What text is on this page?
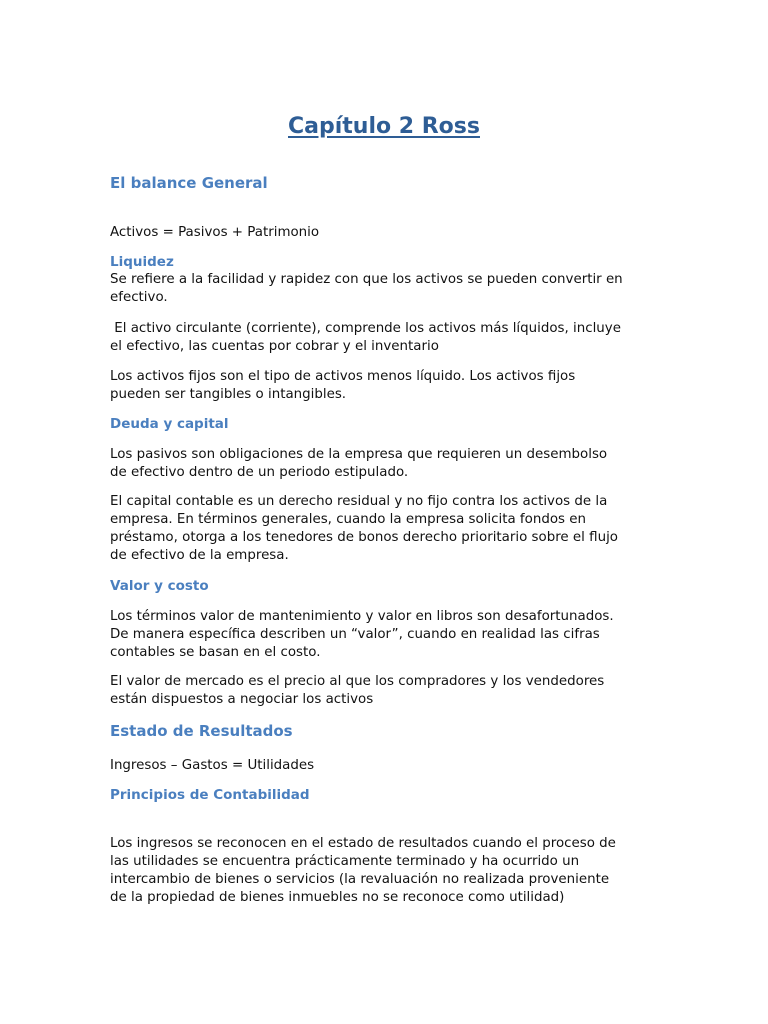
Capítulo 2 Ross
El balance General
Activos = Pasivos + Patrimonio
Liquidez
Se refiere a la facilidad y rapidez con que los activos se pueden convertir en
efectivo.
El activo circulante (corriente), comprende los activos más líquidos, incluye
el efectivo, las cuentas por cobrar y el inventario
Los activos fijos son el tipo de activos menos líquido. Los activos fijos
pueden ser tangibles o intangibles.
Deuda y capital
Los pasivos son obligaciones de la empresa que requieren un desembolso
de efectivo dentro de un periodo estipulado.
El capital contable es un derecho residual y no fijo contra los activos de la
empresa. En términos generales, cuando la empresa solicita fondos en
préstamo, otorga a los tenedores de bonos derecho prioritario sobre el flujo
de efectivo de la empresa.
Valor y costo
Los términos valor de mantenimiento y valor en libros son desafortunados.
De manera específica describen un “valor”, cuando en realidad las cifras
contables se basan en el costo.
El valor de mercado es el precio al que los compradores y los vendedores
están dispuestos a negociar los activos
Estado de Resultados
Ingresos – Gastos = Utilidades
Principios de Contabilidad
Los ingresos se reconocen en el estado de resultados cuando el proceso de
las utilidades se encuentra prácticamente terminado y ha ocurrido un
intercambio de bienes o servicios (la revaluación no realizada proveniente
de la propiedad de bienes inmuebles no se reconoce como utilidad)
